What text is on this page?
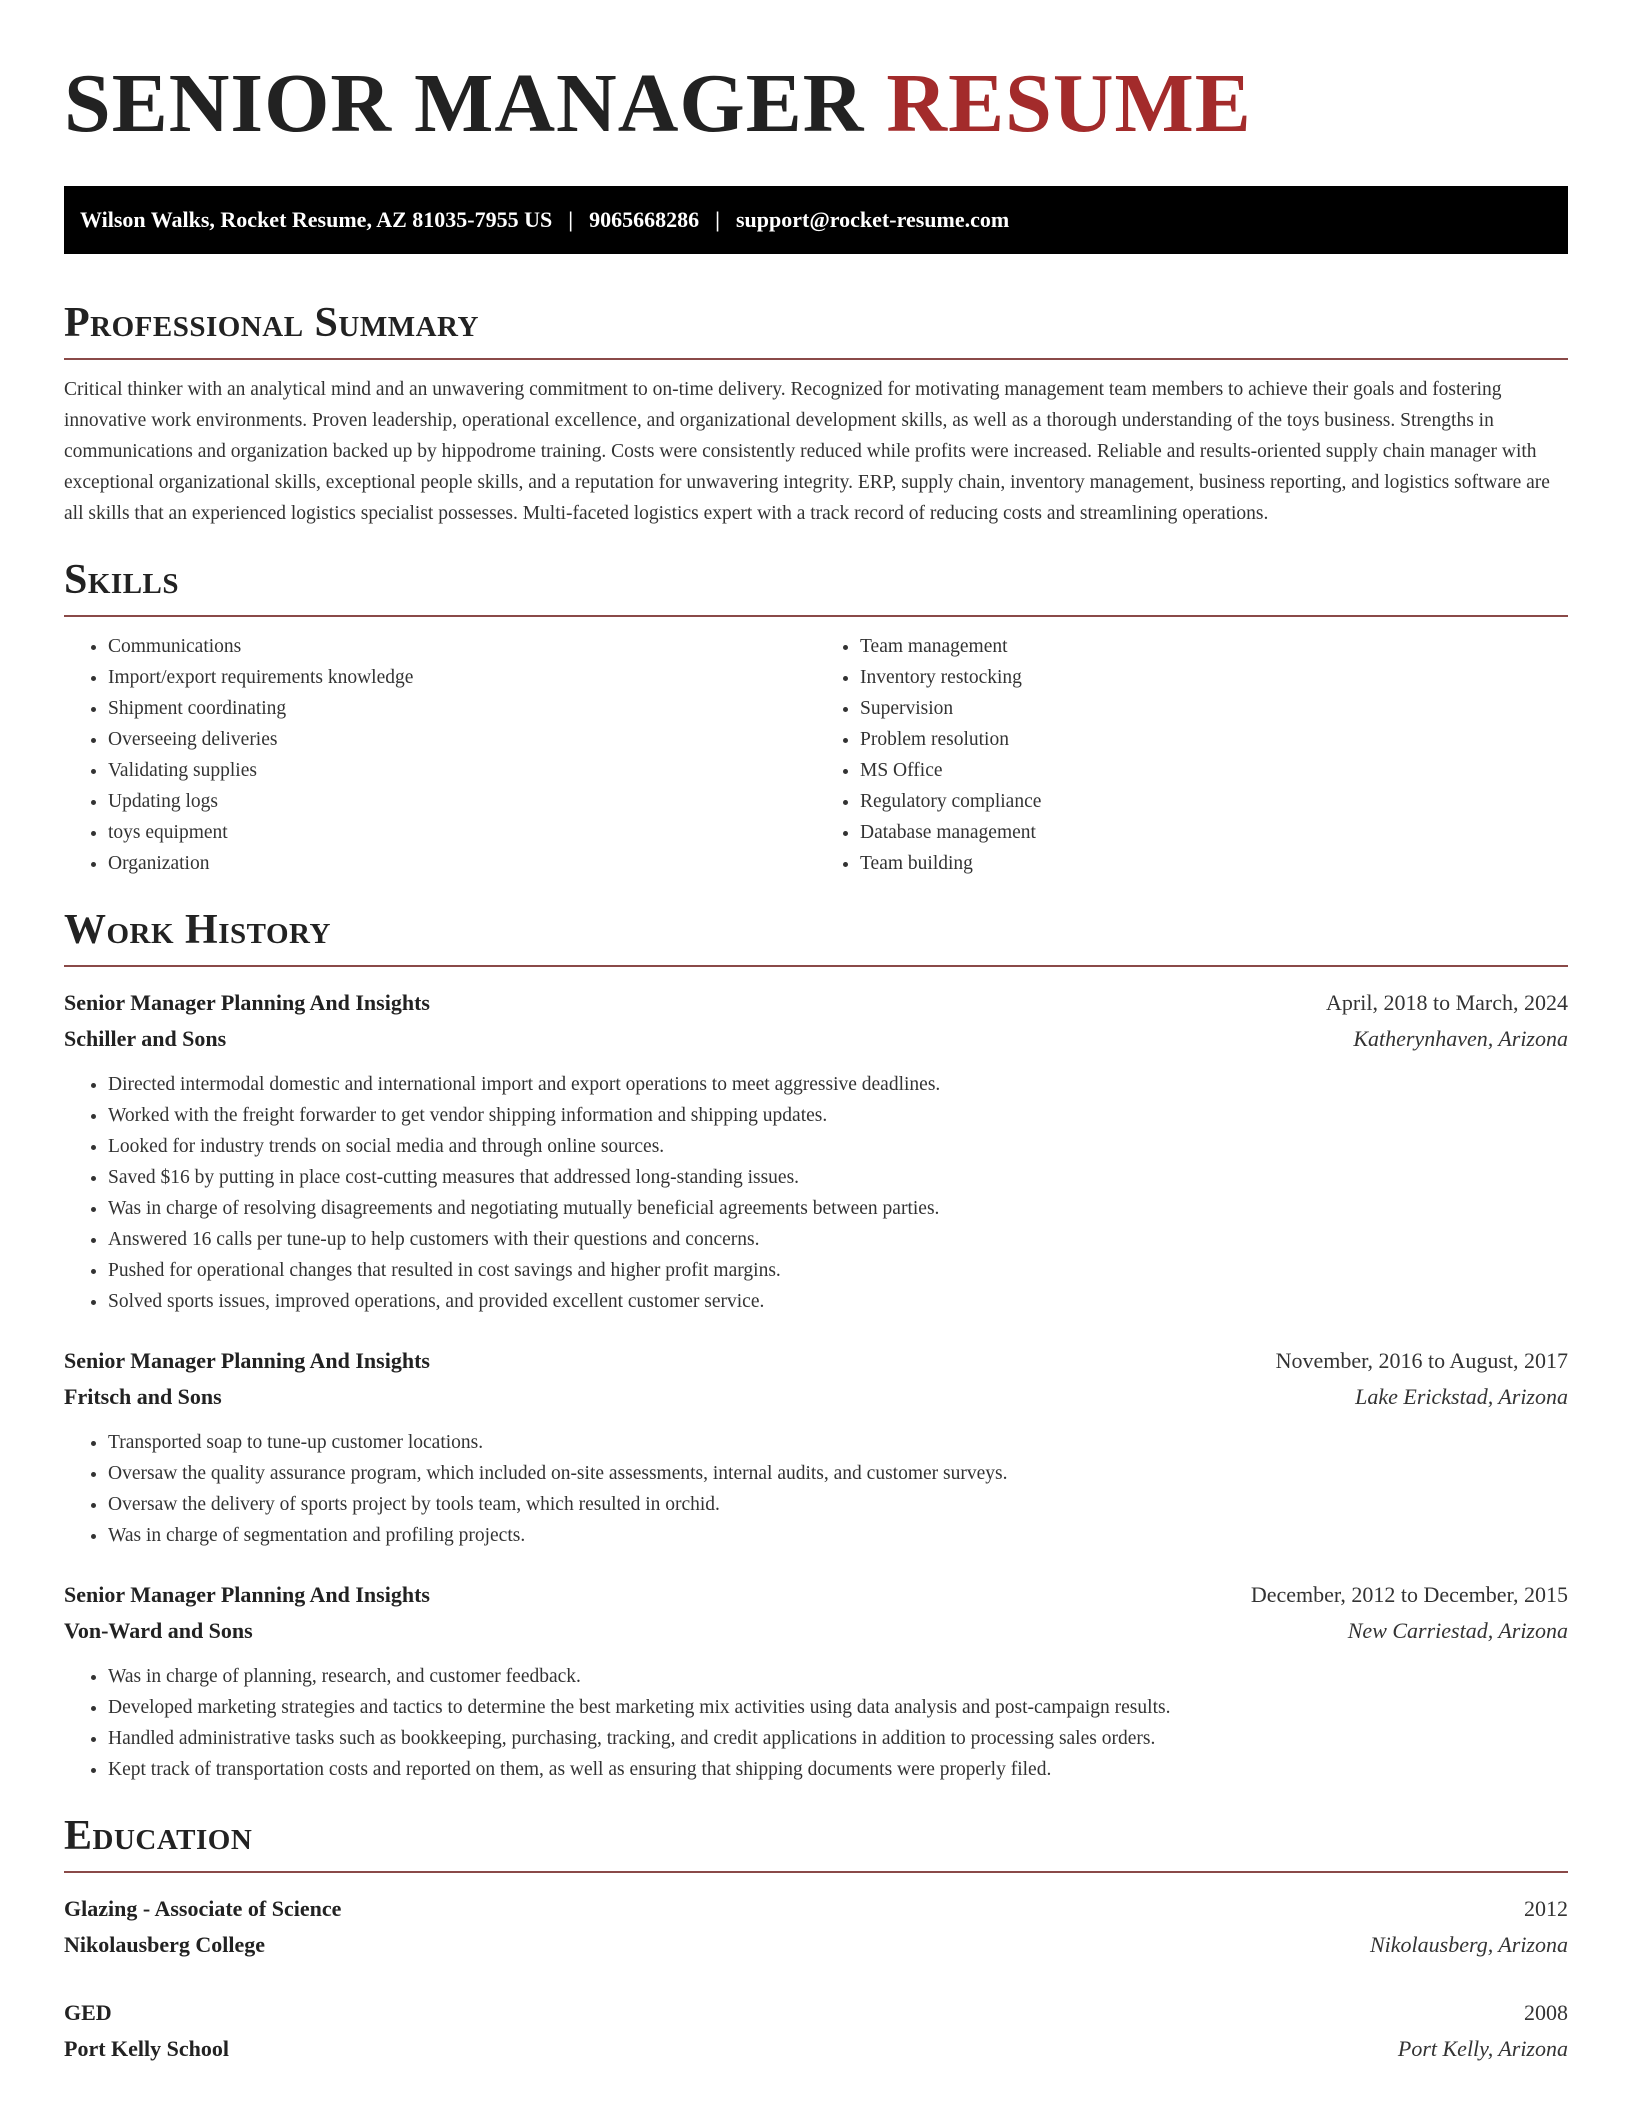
SENIOR MANAGER RESUME
Wilson Walks, Rocket Resume, AZ 81035-7955 US | 9065668286 | support@rocket-resume.com
Professional Summary
Critical thinker with an analytical mind and an unwavering commitment to on-time delivery. Recognized for motivating management team members to achieve their goals and fostering innovative work environments. Proven leadership, operational excellence, and organizational development skills, as well as a thorough understanding of the toys business. Strengths in communications and organization backed up by hippodrome training. Costs were consistently reduced while profits were increased. Reliable and results-oriented supply chain manager with exceptional organizational skills, exceptional people skills, and a reputation for unwavering integrity. ERP, supply chain, inventory management, business reporting, and logistics software are all skills that an experienced logistics specialist possesses. Multi-faceted logistics expert with a track record of reducing costs and streamlining operations.
Skills
• Communications
• Import/export requirements knowledge
• Shipment coordinating
• Overseeing deliveries
• Validating supplies
• Updating logs
• toys equipment
• Organization
• Team management
• Inventory restocking
• Supervision
• Problem resolution
• MS Office
• Regulatory compliance
• Database management
• Team building
Work History
Senior Manager Planning And Insights	April, 2018 to March, 2024
Schiller and Sons	Katherynhaven, Arizona
• Directed intermodal domestic and international import and export operations to meet aggressive deadlines.
• Worked with the freight forwarder to get vendor shipping information and shipping updates.
• Looked for industry trends on social media and through online sources.
• Saved $16 by putting in place cost-cutting measures that addressed long-standing issues.
• Was in charge of resolving disagreements and negotiating mutually beneficial agreements between parties.
• Answered 16 calls per tune-up to help customers with their questions and concerns.
• Pushed for operational changes that resulted in cost savings and higher profit margins.
• Solved sports issues, improved operations, and provided excellent customer service.
Senior Manager Planning And Insights	November, 2016 to August, 2017
Fritsch and Sons	Lake Erickstad, Arizona
• Transported soap to tune-up customer locations.
• Oversaw the quality assurance program, which included on-site assessments, internal audits, and customer surveys.
• Oversaw the delivery of sports project by tools team, which resulted in orchid.
• Was in charge of segmentation and profiling projects.
Senior Manager Planning And Insights	December, 2012 to December, 2015
Von-Ward and Sons	New Carriestad, Arizona
• Was in charge of planning, research, and customer feedback.
• Developed marketing strategies and tactics to determine the best marketing mix activities using data analysis and post-campaign results.
• Handled administrative tasks such as bookkeeping, purchasing, tracking, and credit applications in addition to processing sales orders.
• Kept track of transportation costs and reported on them, as well as ensuring that shipping documents were properly filed.
Education
Glazing - Associate of Science	2012
Nikolausberg College	Nikolausberg, Arizona
GED	2008
Port Kelly School	Port Kelly, Arizona
